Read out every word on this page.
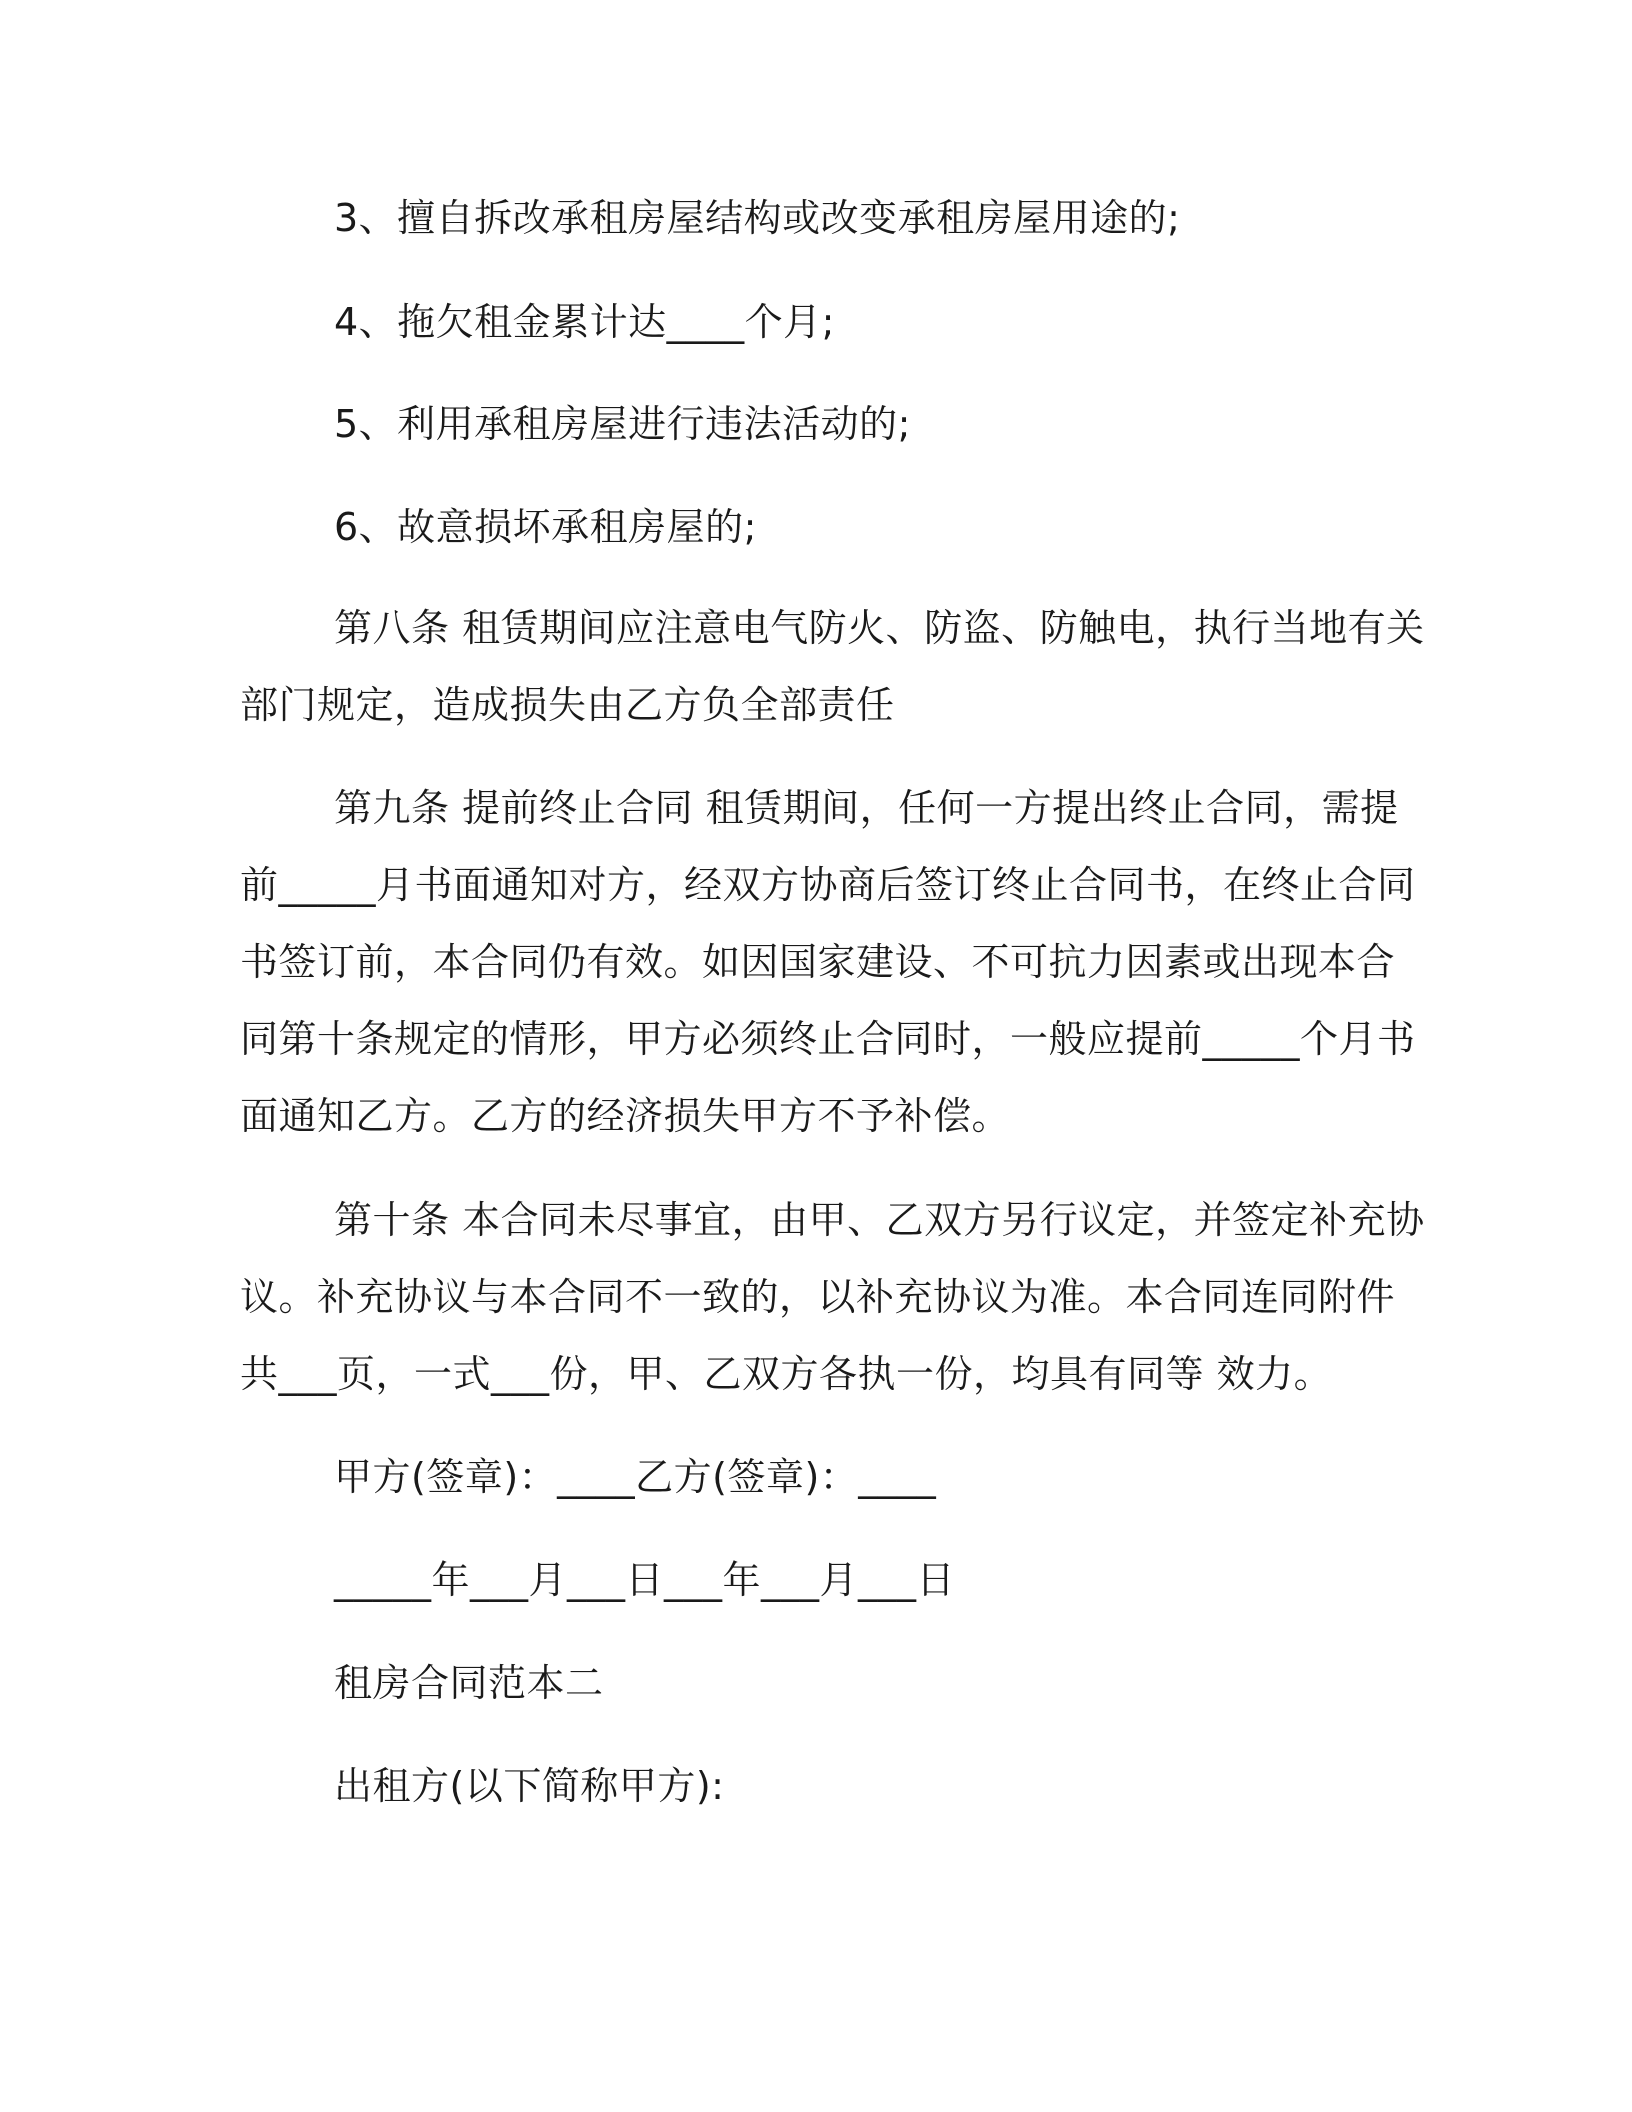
3、擅自拆改承租房屋结构或改变承租房屋用途的;
4、拖欠租金累计达____个月;
5、利用承租房屋进行违法活动的;
6、故意损坏承租房屋的;
第八条 租赁期间应注意电气防火、防盗、防触电，执行当地有关
部门规定，造成损失由乙方负全部责任
第九条 提前终止合同 租赁期间，任何一方提出终止合同，需提
前_____月书面通知对方，经双方协商后签订终止合同书，在终止合同
书签订前，本合同仍有效。如因国家建设、不可抗力因素或出现本合
同第十条规定的情形，甲方必须终止合同时，一般应提前_____个月书
面通知乙方。乙方的经济损失甲方不予补偿。
第十条 本合同未尽事宜，由甲、乙双方另行议定，并签定补充协
议。补充协议与本合同不一致的，以补充协议为准。本合同连同附件
共___页，一式___份，甲、乙双方各执一份，均具有同等 效力。
甲方(签章)：____乙方(签章)：____
_____年___月___日___年___月___日
租房合同范本二
出租方(以下简称甲方):
